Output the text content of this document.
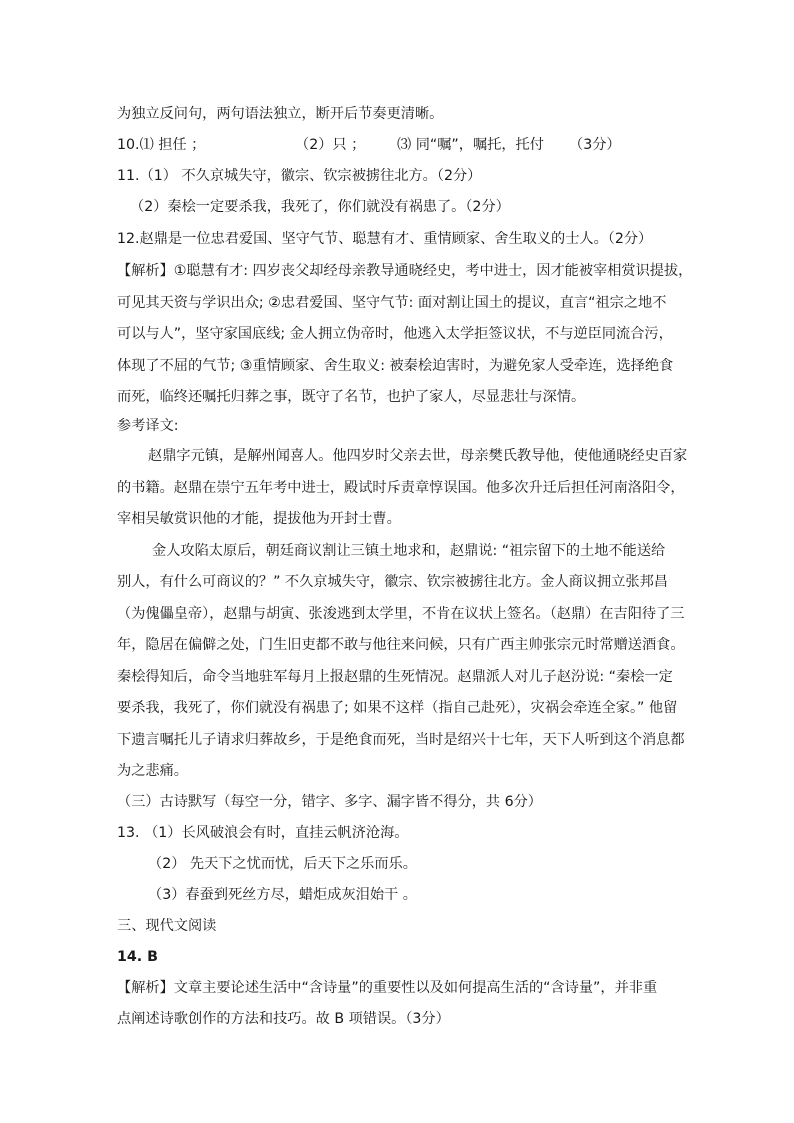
为独立反问句，两句语法独立，断开后节奏更清晰。
10.⑴ 担任 ；	（2）只 ； ⑶ 同“嘱”，嘱托，托付 （3分）
11.（1） 不久京城失守，徽宗、钦宗被掳往北方。（2分）
（2）秦桧一定要杀我，我死了，你们就没有祸患了。（2分）
12.赵鼎是一位忠君爱国、坚守气节、聪慧有才、重情顾家、舍生取义的士人。（2分）
【解析】①聪慧有才: 四岁丧父却经母亲教导通晓经史，考中进士，因才能被宰相赏识提拔，
可见其天资与学识出众; ②忠君爱国、坚守气节: 面对割让国土的提议，直言“祖宗之地不
可以与人”，坚守家国底线; 金人拥立伪帝时，他逃入太学拒签议状，不与逆臣同流合污，
体现了不屈的气节; ③重情顾家、舍生取义: 被秦桧迫害时，为避免家人受牵连，选择绝食
而死，临终还嘱托归葬之事，既守了名节，也护了家人，尽显悲壮与深情。
参考译文:
赵鼎字元镇，是解州闻喜人。他四岁时父亲去世，母亲樊氏教导他，使他通晓经史百家
的书籍。赵鼎在崇宁五年考中进士，殿试时斥责章惇误国。他多次升迁后担任河南洛阳令，
宰相吴敏赏识他的才能，提拔他为开封士曹。
金人攻陷太原后，朝廷商议割让三镇土地求和，赵鼎说: “祖宗留下的土地不能送给
别人，有什么可商议的？” 不久京城失守，徽宗、钦宗被掳往北方。金人商议拥立张邦昌
（为傀儡皇帝），赵鼎与胡寅、张浚逃到太学里，不肯在议状上签名。（赵鼎）在吉阳待了三
年，隐居在偏僻之处，门生旧吏都不敢与他往来问候，只有广西主帅张宗元时常赠送酒食。
秦桧得知后，命令当地驻军每月上报赵鼎的生死情况。赵鼎派人对儿子赵汾说: “秦桧一定
要杀我，我死了，你们就没有祸患了; 如果不这样（指自己赴死），灾祸会牵连全家。” 他留
下遗言嘱托儿子请求归葬故乡，于是绝食而死，当时是绍兴十七年，天下人听到这个消息都
为之悲痛。
（三）古诗默写（每空一分，错字、多字、漏字皆不得分，共 6分）
13. （1）长风破浪会有时，直挂云帆济沧海。
（2） 先天下之忧而忧，后天下之乐而乐。
（3）春蚕到死丝方尽，蜡炬成灰泪始干 。
三、现代文阅读
14. B
【解析】文章主要论述生活中“含诗量”的重要性以及如何提高生活的“含诗量”，并非重
点阐述诗歌创作的方法和技巧。故 B 项错误。（3分）
